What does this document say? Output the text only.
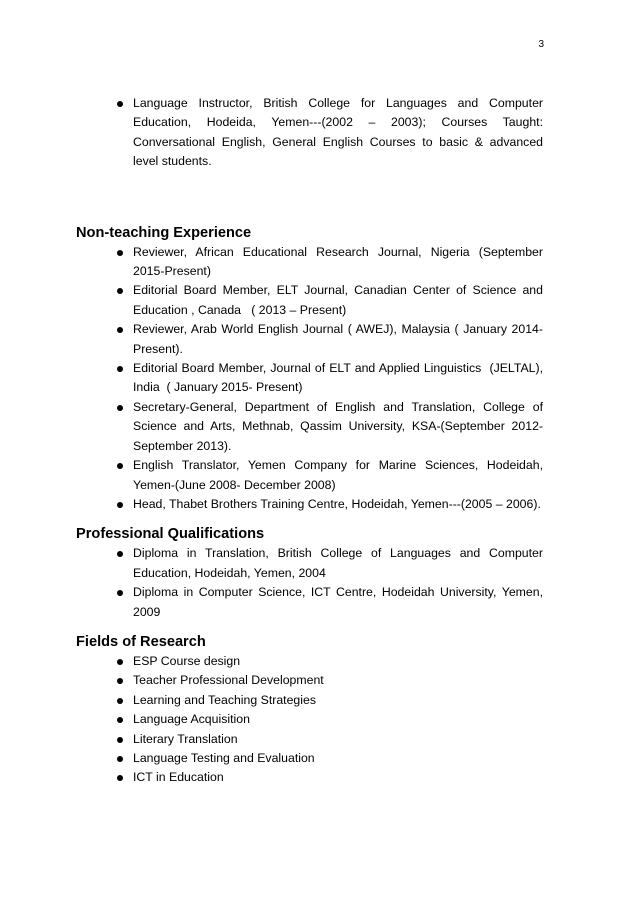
3
Language Instructor, British College for Languages and Computer Education, Hodeida, Yemen---(2002 – 2003); Courses Taught: Conversational English, General English Courses to basic & advanced level students.
Non-teaching Experience
Reviewer, African Educational Research Journal, Nigeria (September 2015-Present)
Editorial Board Member, ELT Journal, Canadian Center of Science and Education , Canada   ( 2013 – Present)
Reviewer, Arab World English Journal ( AWEJ), Malaysia ( January 2014- Present).
Editorial Board Member, Journal of ELT and Applied Linguistics  (JELTAL), India  ( January 2015- Present)
Secretary-General, Department of English and Translation, College of Science and Arts, Methnab, Qassim University, KSA-(September 2012- September 2013).
English Translator, Yemen Company for Marine Sciences, Hodeidah, Yemen-(June 2008- December 2008)
Head, Thabet Brothers Training Centre, Hodeidah, Yemen---(2005 – 2006).
Professional Qualifications
Diploma in Translation, British College of Languages and Computer Education, Hodeidah, Yemen, 2004
Diploma in Computer Science, ICT Centre, Hodeidah University, Yemen, 2009
Fields of Research
ESP Course design
Teacher Professional Development
Learning and Teaching Strategies
Language Acquisition
Literary Translation
Language Testing and Evaluation
ICT in Education
